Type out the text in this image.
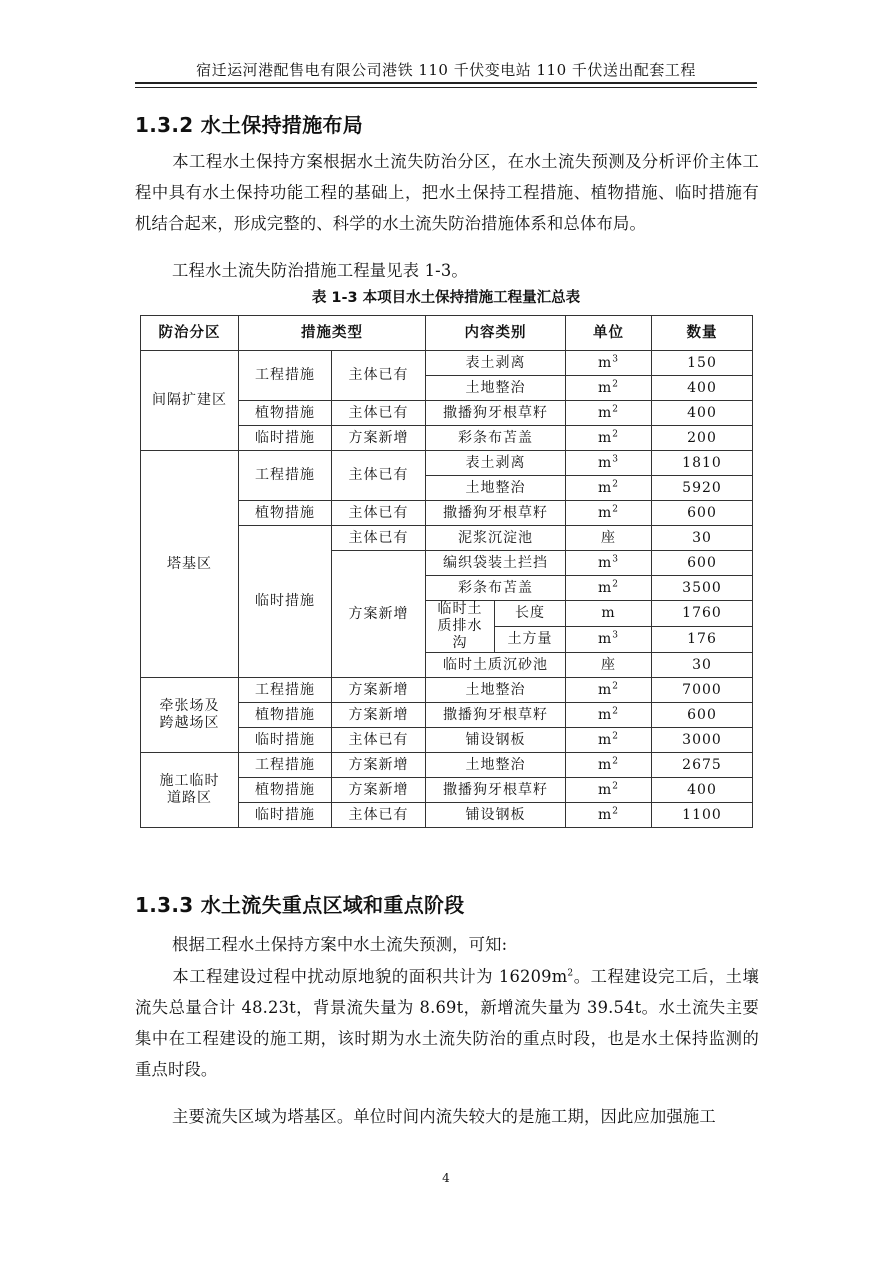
宿迁运河港配售电有限公司港铁 110 千伏变电站 110 千伏送出配套工程
1.3.2 水土保持措施布局
本工程水土保持方案根据水土流失防治分区，在水土流失预测及分析评价主体工程中具有水土保持功能工程的基础上，把水土保持工程措施、植物措施、临时措施有机结合起来，形成完整的、科学的水土流失防治措施体系和总体布局。
工程水土流失防治措施工程量见表 1-3。
表 1-3 本项目水土保持措施工程量汇总表
防治分区	措施类型		内容类别		单位	数量
间隔扩建区	工程措施	主体已有	表土剥离		$m^3$	150
			土地整治		$m^2$	400
	植物措施	主体已有	撒播狗牙根草籽		$m^2$	400
	临时措施	方案新增	彩条布苫盖		$m^2$	200
塔基区	工程措施	主体已有	表土剥离		$m^3$	1810
			土地整治		$m^2$	5920
	植物措施	主体已有	撒播狗牙根草籽		$m^2$	600
	临时措施	主体已有	泥浆沉淀池		座	30
		方案新增	编织袋装土拦挡		$m^3$	600
			彩条布苫盖		$m^2$	3500
			临时土
质排水
沟	长度	m	1760
				土方量	$m^3$	176
			临时土质沉砂池		座	30
牵张场及
跨越场区	工程措施	方案新增	土地整治		$m^2$	7000
	植物措施	方案新增	撒播狗牙根草籽		$m^2$	600
	临时措施	主体已有	铺设钢板		$m^2$	3000
施工临时
道路区	工程措施	方案新增	土地整治		$m^2$	2675
	植物措施	方案新增	撒播狗牙根草籽		$m^2$	400
	临时措施	主体已有	铺设钢板		$m^2$	1100
1.3.3 水土流失重点区域和重点阶段
根据工程水土保持方案中水土流失预测，可知:
本工程建设过程中扰动原地貌的面积共计为 $16209m^2$。工程建设完工后，土壤流失总量合计 48.23t，背景流失量为 8.69t，新增流失量为 39.54t。水土流失主要集中在工程建设的施工期，该时期为水土流失防治的重点时段，也是水土保持监测的重点时段。
主要流失区域为塔基区。单位时间内流失较大的是施工期，因此应加强施工
4
